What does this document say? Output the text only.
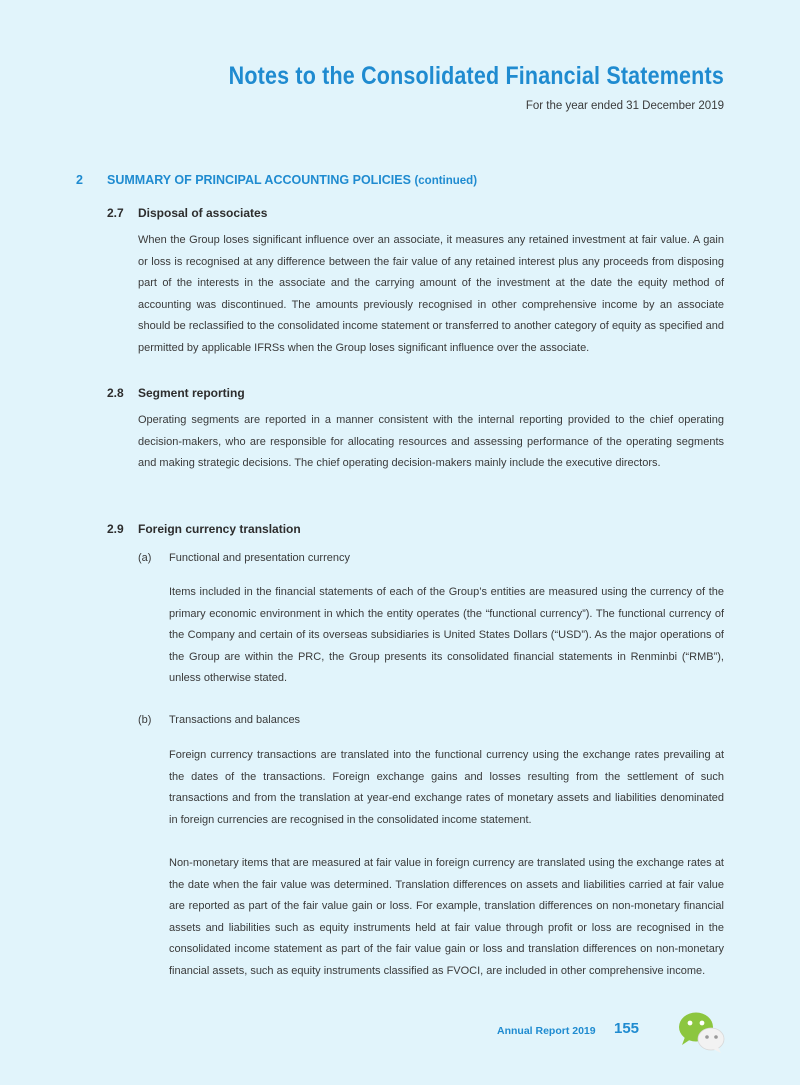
Notes to the Consolidated Financial Statements
For the year ended 31 December 2019
2 SUMMARY OF PRINCIPAL ACCOUNTING POLICIES (continued)
2.7 Disposal of associates

When the Group loses significant influence over an associate, it measures any retained investment at fair value. A gain or loss is recognised at any difference between the fair value of any retained interest plus any proceeds from disposing part of the interests in the associate and the carrying amount of the investment at the date the equity method of accounting was discontinued. The amounts previously recognised in other comprehensive income by an associate should be reclassified to the consolidated income statement or transferred to another category of equity as specified and permitted by applicable IFRSs when the Group loses significant influence over the associate.

2.8 Segment reporting

Operating segments are reported in a manner consistent with the internal reporting provided to the chief operating decision-makers, who are responsible for allocating resources and assessing performance of the operating segments and making strategic decisions. The chief operating decision-makers mainly include the executive directors.

2.9 Foreign currency translation
(a) Functional and presentation currency

Items included in the financial statements of each of the Group’s entities are measured using the currency of the primary economic environment in which the entity operates (the “functional currency”). The functional currency of the Company and certain of its overseas subsidiaries is United States Dollars (“USD”). As the major operations of the Group are within the PRC, the Group presents its consolidated financial statements in Renminbi (“RMB”), unless otherwise stated.

(b) Transactions and balances

Foreign currency transactions are translated into the functional currency using the exchange rates prevailing at the dates of the transactions. Foreign exchange gains and losses resulting from the settlement of such transactions and from the translation at year-end exchange rates of monetary assets and liabilities denominated in foreign currencies are recognised in the consolidated income statement.

Non-monetary items that are measured at fair value in foreign currency are translated using the exchange rates at the date when the fair value was determined. Translation differences on assets and liabilities carried at fair value are reported as part of the fair value gain or loss. For example, translation differences on non-monetary financial assets and liabilities such as equity instruments held at fair value through profit or loss are recognised in the consolidated income statement as part of the fair value gain or loss and translation differences on non-monetary financial assets, such as equity instruments classified as FVOCI, are included in other comprehensive income.

Annual Report 2019 155
